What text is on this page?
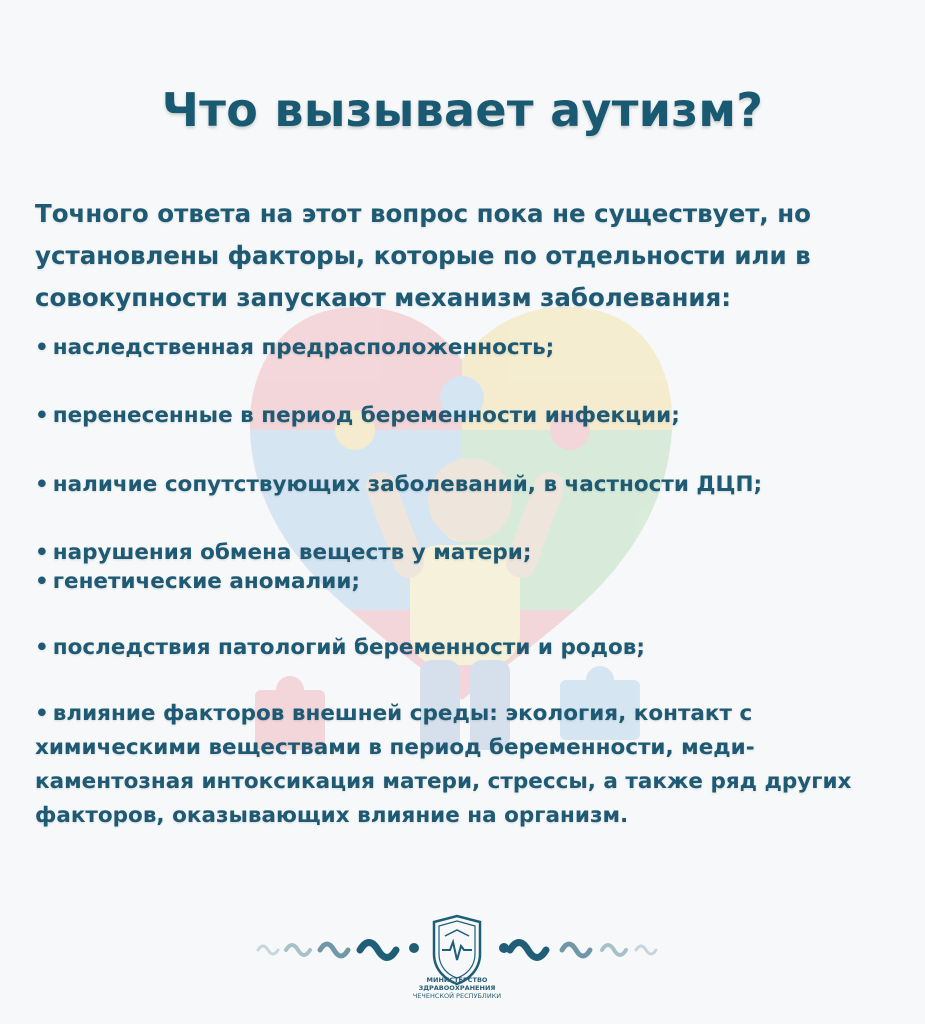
Что вызывает аутизм?

Точного ответа на этот вопрос пока не существует, но установлены факторы, которые по отдельности или в совокупности запускают механизм заболевания:

• наследственная предрасположенность;
• перенесенные в период беременности инфекции;
• наличие сопутствующих заболеваний, в частности ДЦП;
• нарушения обмена веществ у матери;
• генетические аномалии;
• последствия патологий беременности и родов;
• влияние факторов внешней среды: экология, контакт с химическими веществами в период беременности, меди-каментозная интоксикация матери, стрессы, а также ряд других факторов, оказывающих влияние на организм.
МИНИСТЕРСТВО
ЗДРАВООХРАНЕНИЯ
ЧЕЧЕНСКОЙ РЕСПУБЛИКИ
